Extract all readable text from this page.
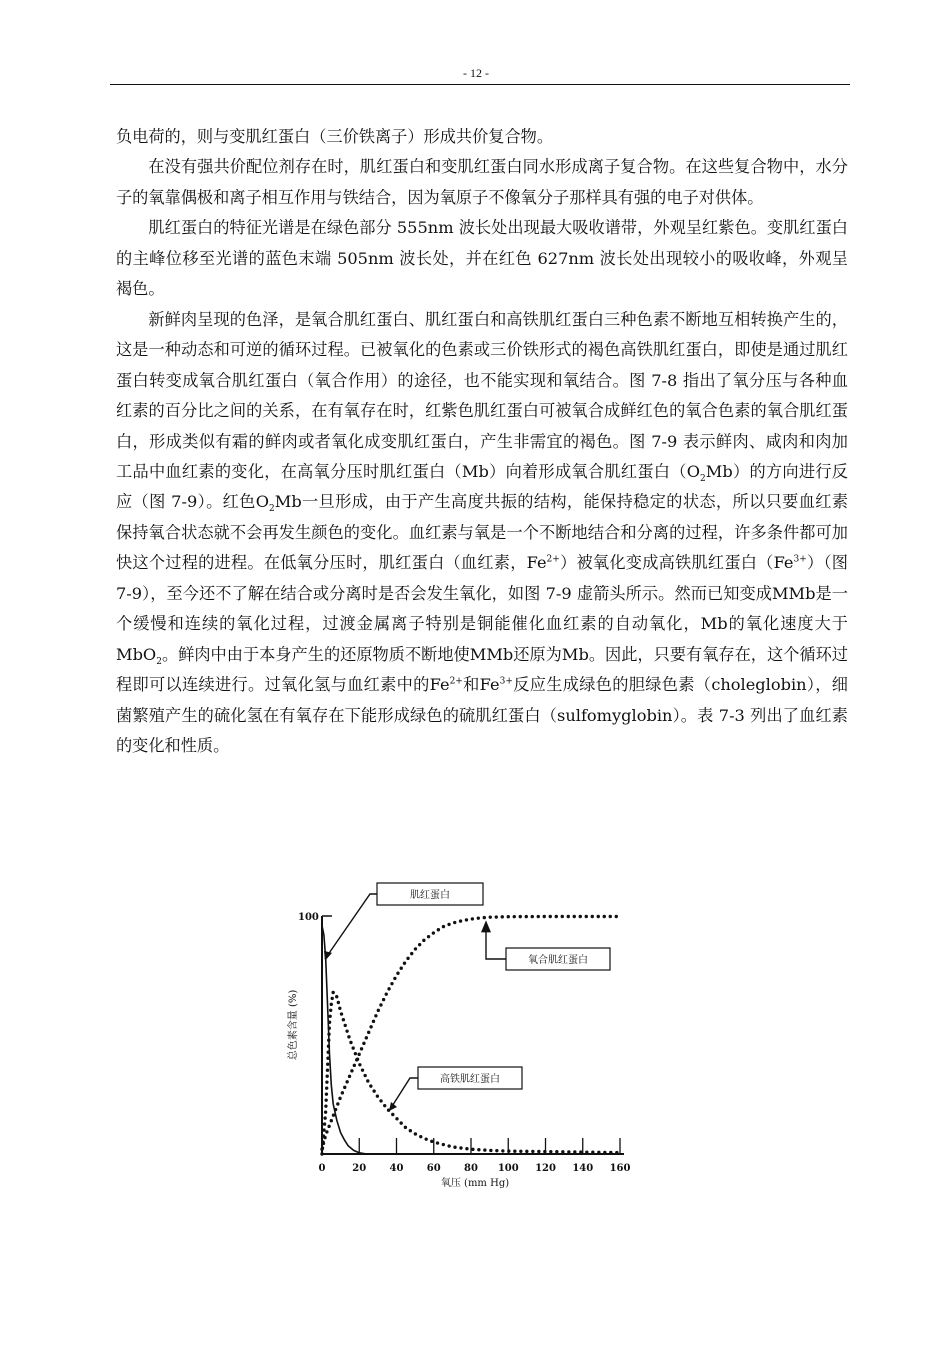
- 12 -

负电荷的，则与变肌红蛋白（三价铁离子）形成共价复合物。

在没有强共价配位剂存在时，肌红蛋白和变肌红蛋白同水形成离子复合物。在这些复合物中，水分子的氧靠偶极和离子相互作用与铁结合，因为氧原子不像氧分子那样具有强的电子对供体。

肌红蛋白的特征光谱是在绿色部分 555nm 波长处出现最大吸收谱带，外观呈红紫色。变肌红蛋白的主峰位移至光谱的蓝色末端 505nm 波长处，并在红色 627nm 波长处出现较小的吸收峰，外观呈褐色。

新鲜肉呈现的色泽，是氧合肌红蛋白、肌红蛋白和高铁肌红蛋白三种色素不断地互相转换产生的，这是一种动态和可逆的循环过程。已被氧化的色素或三价铁形式的褐色高铁肌红蛋白，即使是通过肌红蛋白转变成氧合肌红蛋白（氧合作用）的途径，也不能实现和氧结合。图 7-8 指出了氧分压与各种血红素的百分比之间的关系，在有氧存在时，红紫色肌红蛋白可被氧合成鲜红色的氧合色素的氧合肌红蛋白，形成类似有霜的鲜肉或者氧化成变肌红蛋白，产生非需宜的褐色。图 7-9 表示鲜肉、咸肉和肉加工品中血红素的变化，在高氧分压时肌红蛋白（Mb）向着形成氧合肌红蛋白$(O_2Mb)$的方向进行反应（图 7-9）。红色$O_2Mb$一旦形成，由于产生高度共振的结构，能保持稳定的状态，所以只要血红素保持氧合状态就不会再发生颜色的变化。血红素与氧是一个不断地结合和分离的过程，许多条件都可加快这个过程的进程。在低氧分压时，肌红蛋白（血红素，$Fe^{2+}$）被氧化变成高铁肌红蛋白$(Fe^{3+})$（图 7-9），至今还不了解在结合或分离时是否会发生氧化，如图 7-9 虚箭头所示。然而已知变成MMb是一个缓慢和连续的氧化过程，过渡金属离子特别是铜能催化血红素的自动氧化，Mb的氧化速度大于MbO$_2$。鲜肉中由于本身产生的还原物质不断地使MMb还原为Mb。因此，只要有氧存在，这个循环过程即可以连续进行。过氧化氢与血红素中的$Fe^{2+}$和$Fe^{3+}$反应生成绿色的胆绿色素（choleglobin），细菌繁殖产生的硫化氢在有氧存在下能形成绿色的硫肌红蛋白（sulfomyglobin）。表 7-3 列出了血红素的变化和性质。

100
0	20 40 60 80 100 120 140 160
氧压 (mm Hg)
总色素含量 (%)
肌红蛋白
氧合肌红蛋白
高铁肌红蛋白
